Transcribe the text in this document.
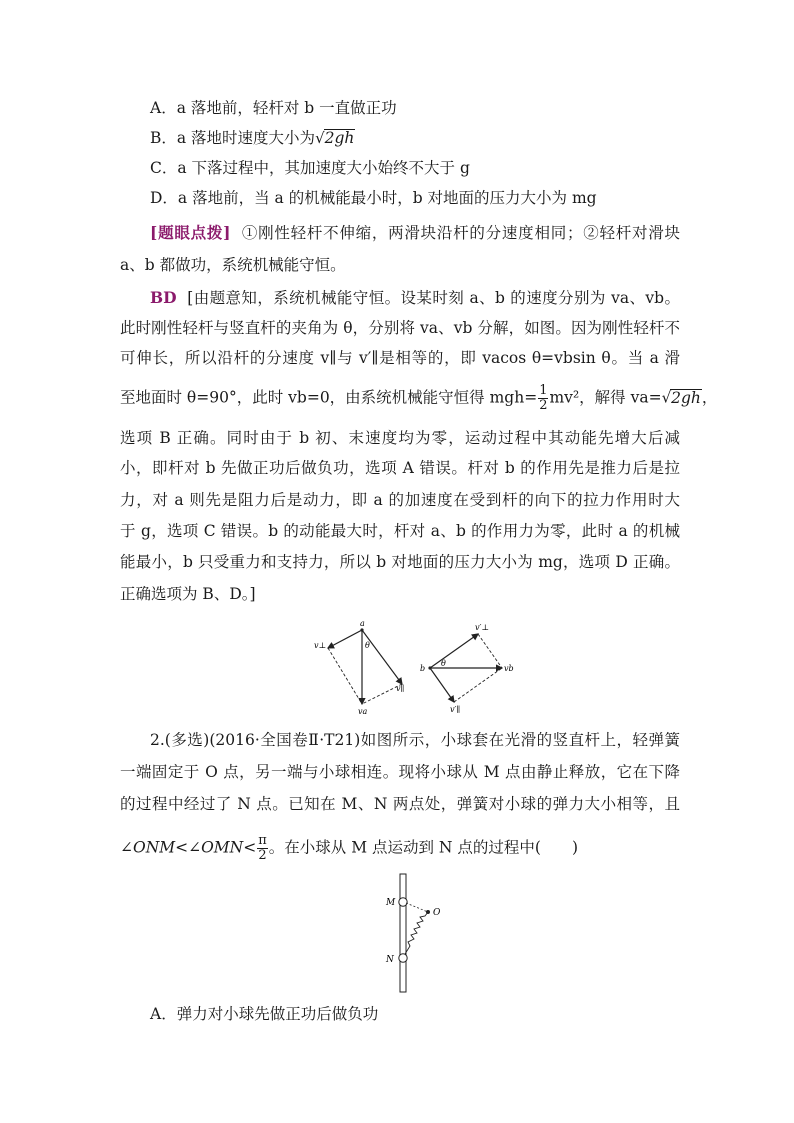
A．a 落地前，轻杆对 b 一直做正功
B．a 落地时速度大小为√2gh
C．a 下落过程中，其加速度大小始终不大于 g
D．a 落地前，当 a 的机械能最小时，b 对地面的压力大小为 mg
[题眼点拨] ①刚性轻杆不伸缩，两滑块沿杆的分速度相同；②轻杆对滑块
a、b 都做功，系统机械能守恒。
BD [由题意知，系统机械能守恒。设某时刻 a、b 的速度分别为 va、vb。
此时刚性轻杆与竖直杆的夹角为 θ，分别将 va、vb 分解，如图。因为刚性轻杆不
可伸长，所以沿杆的分速度 v∥与 v′∥是相等的，即 vacos θ=vbsin θ。当 a 滑
至地面时 θ=90°，此时 vb=0，由系统机械能守恒得 $mgh= \frac{1}{2} mv^2$，解得 va=√2gh，
选项 B 正确。同时由于 b 初、末速度均为零，运动过程中其动能先增大后减
小，即杆对 b 先做正功后做负功，选项 A 错误。杆对 b 的作用先是推力后是拉
力，对 a 则先是阻力后是动力，即 a 的加速度在受到杆的向下的拉力作用时大
于 g，选项 C 错误。b 的动能最大时，杆对 a、b 的作用力为零，此时 a 的机械
能最小，b 只受重力和支持力，所以 b 对地面的压力大小为 mg，选项 D 正确。
正确选项为 B、D。]
a
v⊥	θ
v∥
va
b
v′⊥
θ
vb
v′∥
2.(多选)(2016·全国卷Ⅱ·T21)如图所示，小球套在光滑的竖直杆上，轻弹簧
一端固定于 O 点，另一端与小球相连。现将小球从 M 点由静止释放，它在下降
的过程中经过了 N 点。已知在 M、N 两点处，弹簧对小球的弹力大小相等，且
∠ONM<∠OMN< $\frac{\pi}{2}$ 。在小球从 M 点运动到 N 点的过程中(　　)
M
O
N
A．弹力对小球先做正功后做负功
